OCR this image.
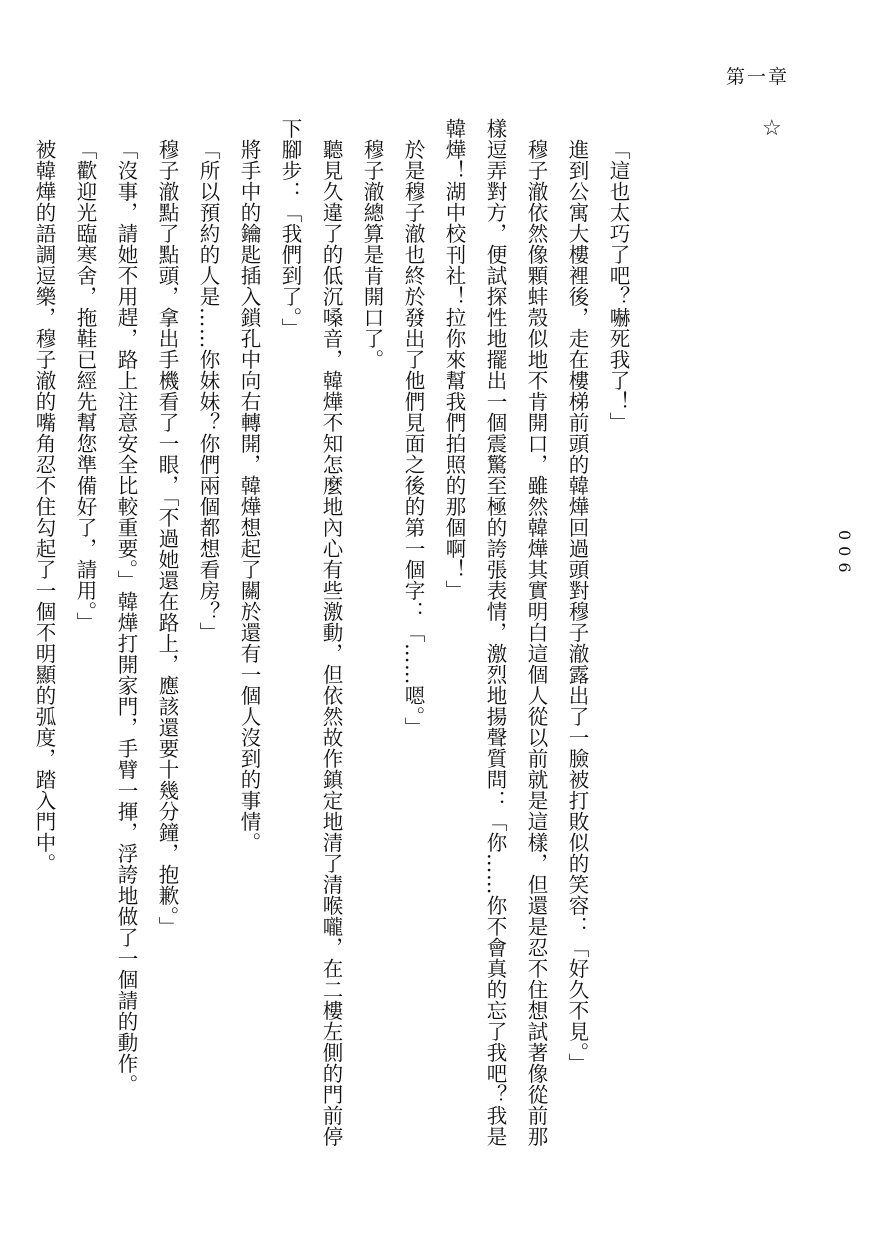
第一章
☆
006

「這也太巧了吧？嚇死我了！」

進到公寓大樓裡後，走在樓梯前頭的韓燁回過頭對穆子澈露出了一臉被打敗似的笑容：「好久不見。」

穆子澈依然像顆蚌殼似地不肯開口，雖然韓燁其實明白這個人從以前就是這樣，但還是忍不住想試著像從前那樣逗弄對方，便試探性地擺出一個震驚至極的誇張表情，激烈地揚聲質問：「你……你不會真的忘了我吧？我是韓燁！湖中校刊社！拉你來幫我們拍照的那個啊！」

於是穆子澈也終於發出了他們見面之後的第一個字：「……嗯。」

穆子澈總算是肯開口了。

聽見久違了的低沉嗓音，韓燁不知怎麼地內心有些激動，但依然故作鎮定地清了清喉嚨，在二樓左側的門前停下腳步：「我們到了。」

將手中的鑰匙插入鎖孔中向右轉開，韓燁想起了關於還有一個人沒到的事情。

「所以預約的人是……你妹妹？你們兩個都想看房？」

穆子澈點了點頭，拿出手機看了一眼，「不過她還在路上，應該還要十幾分鐘，抱歉。」

「沒事，請她不用趕，路上注意安全比較重要。」韓燁打開家門，手臂一揮，浮誇地做了一個請的動作。

「歡迎光臨寒舍，拖鞋已經先幫您準備好了，請用。」

被韓燁的語調逗樂，穆子澈的嘴角忍不住勾起了一個不明顯的弧度，踏入門中。
